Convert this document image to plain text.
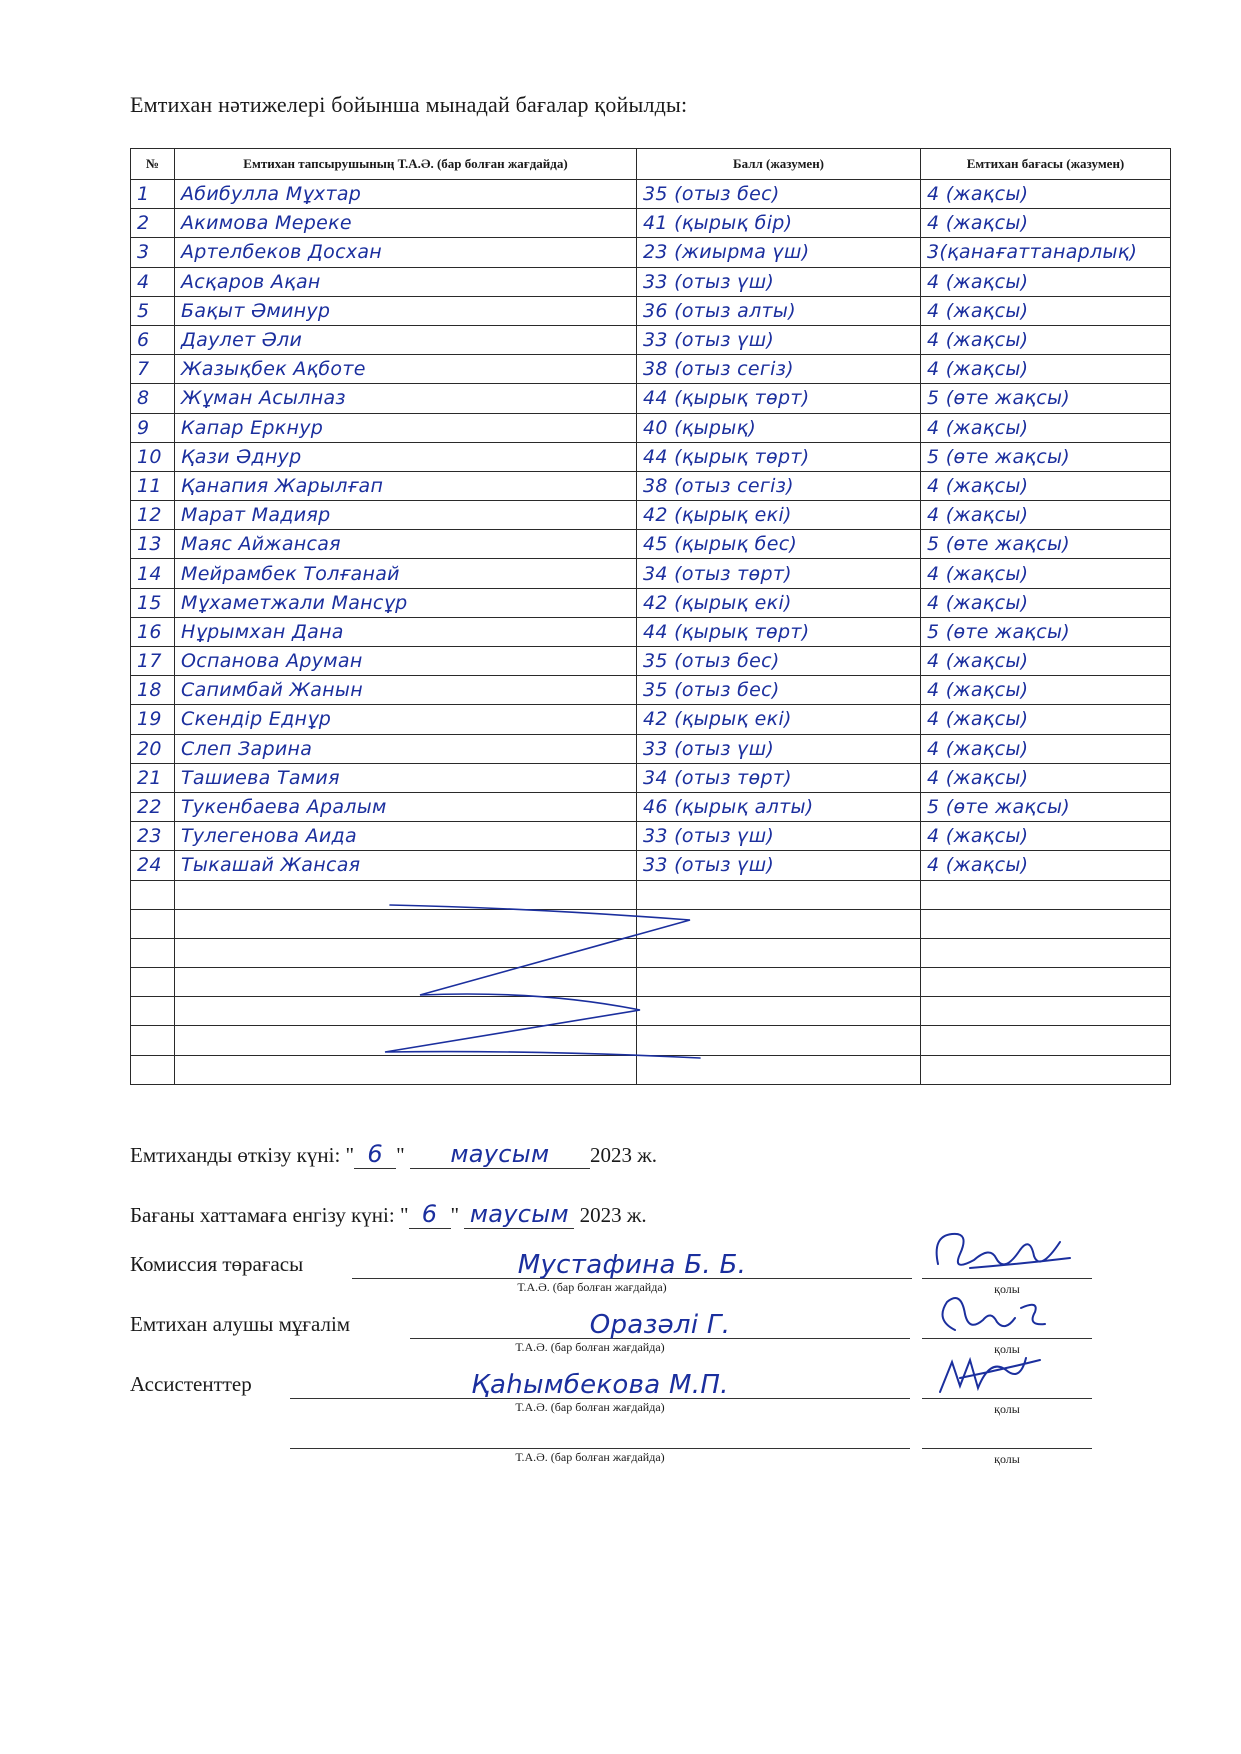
Емтихан нәтижелері бойынша мынадай бағалар қойылды:
№	Емтихан тапсырушының Т.А.Ә. (бар болған жағдайда)	Балл (жазумен)	Емтихан бағасы (жазумен)
1	Абибулла Мұхтар	35 (отыз бес)	4 (жақсы)
2	Акимова Мереке	41 (қырық бір)	4 (жақсы)
3	Артелбеков Досхан	23 (жиырма үш)	3(қанағаттанарлық)
4	Асқаров Ақан	33 (отыз үш)	4 (жақсы)
5	Бақыт Әминур	36 (отыз алты)	4 (жақсы)
6	Даулет Әли	33 (отыз үш)	4 (жақсы)
7	Жазықбек Ақботе	38 (отыз сегіз)	4 (жақсы)
8	Жұман Асылназ	44 (қырық төрт)	5 (өте жақсы)
9	Капар Еркнур	40 (қырық)	4 (жақсы)
10	Қази Әднур	44 (қырық төрт)	5 (өте жақсы)
11	Қанапия Жарылғап	38 (отыз сегіз)	4 (жақсы)
12	Марат Мадияр	42 (қырық екі)	4 (жақсы)
13	Маяс Айжансая	45 (қырық бес)	5 (өте жақсы)
14	Мейрамбек Толғанай	34 (отыз төрт)	4 (жақсы)
15	Мұхаметжали Мансұр	42 (қырық екі)	4 (жақсы)
16	Нұрымхан Дана	44 (қырық төрт)	5 (өте жақсы)
17	Оспанова Аруман	35 (отыз бес)	4 (жақсы)
18	Сапимбай Жанын	35 (отыз бес)	4 (жақсы)
19	Скендір Еднұр	42 (қырық екі)	4 (жақсы)
20	Слеп Зарина	33 (отыз үш)	4 (жақсы)
21	Ташиева Тамия	34 (отыз төрт)	4 (жақсы)
22	Тукенбаева Аралым	46 (қырық алты)	5 (өте жақсы)
23	Тулегенова Аида	33 (отыз үш)	4 (жақсы)
24	Тыкашай Жансая	33 (отыз үш)	4 (жақсы)

Емтиханды өткізу күні: " 6 " маусым 2023 ж.
Бағаны хаттамаға енгізу күні: " 6 " маусым 2023 ж.
Комиссия төрағасы	Мустафина Б. Б.
Т.А.Ә. (бар болған жағдайда)	қолы
Емтихан алушы мұғалім	Оразәлі Г.
Т.А.Ә. (бар болған жағдайда)	қолы
Ассистенттер	Қаһымбекова М.П.
Т.А.Ә. (бар болған жағдайда)	қолы
Т.А.Ә. (бар болған жағдайда)	қолы
